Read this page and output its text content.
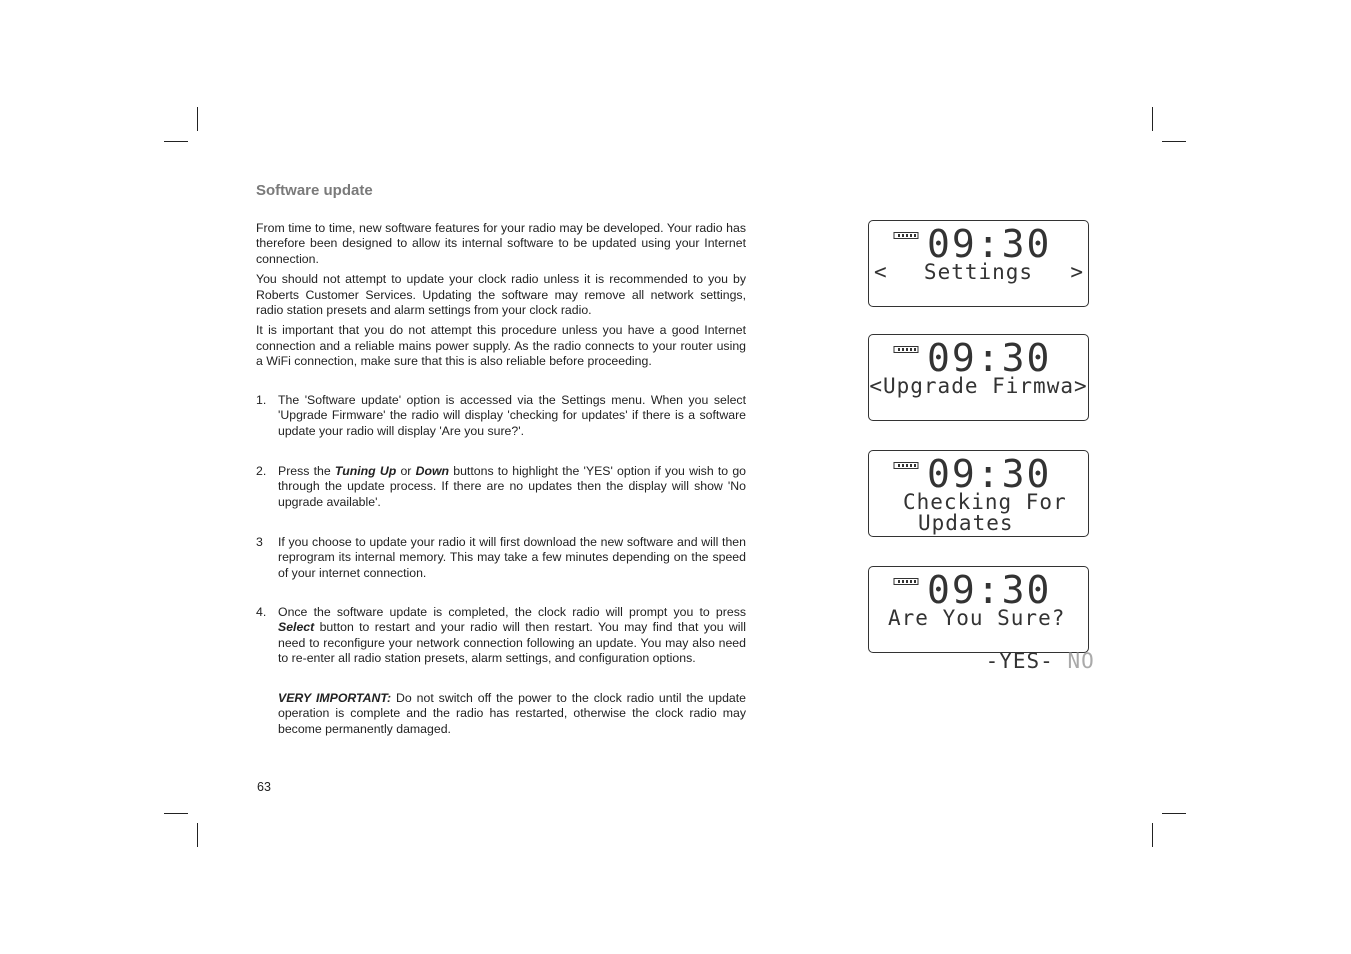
Software update

From time to time, new software features for your radio may be developed. Your radio has therefore been designed to allow its internal software to be updated using your Internet connection.

You should not attempt to update your clock radio unless it is recommended to you by Roberts Customer Services. Updating the software may remove all network settings, radio station presets and alarm settings from your clock radio.

It is important that you do not attempt this procedure unless you have a good Internet connection and a reliable mains power supply. As the radio connects to your router using a WiFi connection, make sure that this is also reliable before proceeding.

1. The 'Software update' option is accessed via the Settings menu. When you select 'Upgrade Firmware' the radio will display 'checking for updates' if there is a software update your radio will display 'Are you sure?'.
2. Press the Tuning Up or Down buttons to highlight the 'YES' option if you wish to go through the update process. If there are no updates then the display will show 'No upgrade available'.
3	If you choose to update your radio it will first download the new software and will then reprogram its internal memory. This may take a few minutes depending on the speed of your internet connection.
4. Once the software update is completed, the clock radio will prompt you to press Select button to restart and your radio will then restart. You may find that you will need to reconfigure your network connection following an update. You may also need to re-enter all radio station presets, alarm settings, and configuration options.
VERY IMPORTANT: Do not switch off the power to the clock radio until the update operation is complete and the radio has restarted, otherwise the clock radio may become permanently damaged.
63
09:30
<	Settings	>
09:30
<Upgrade Firmwa>
09:30
Checking For
Updates
09:30
Are You Sure?

-YES- NO
